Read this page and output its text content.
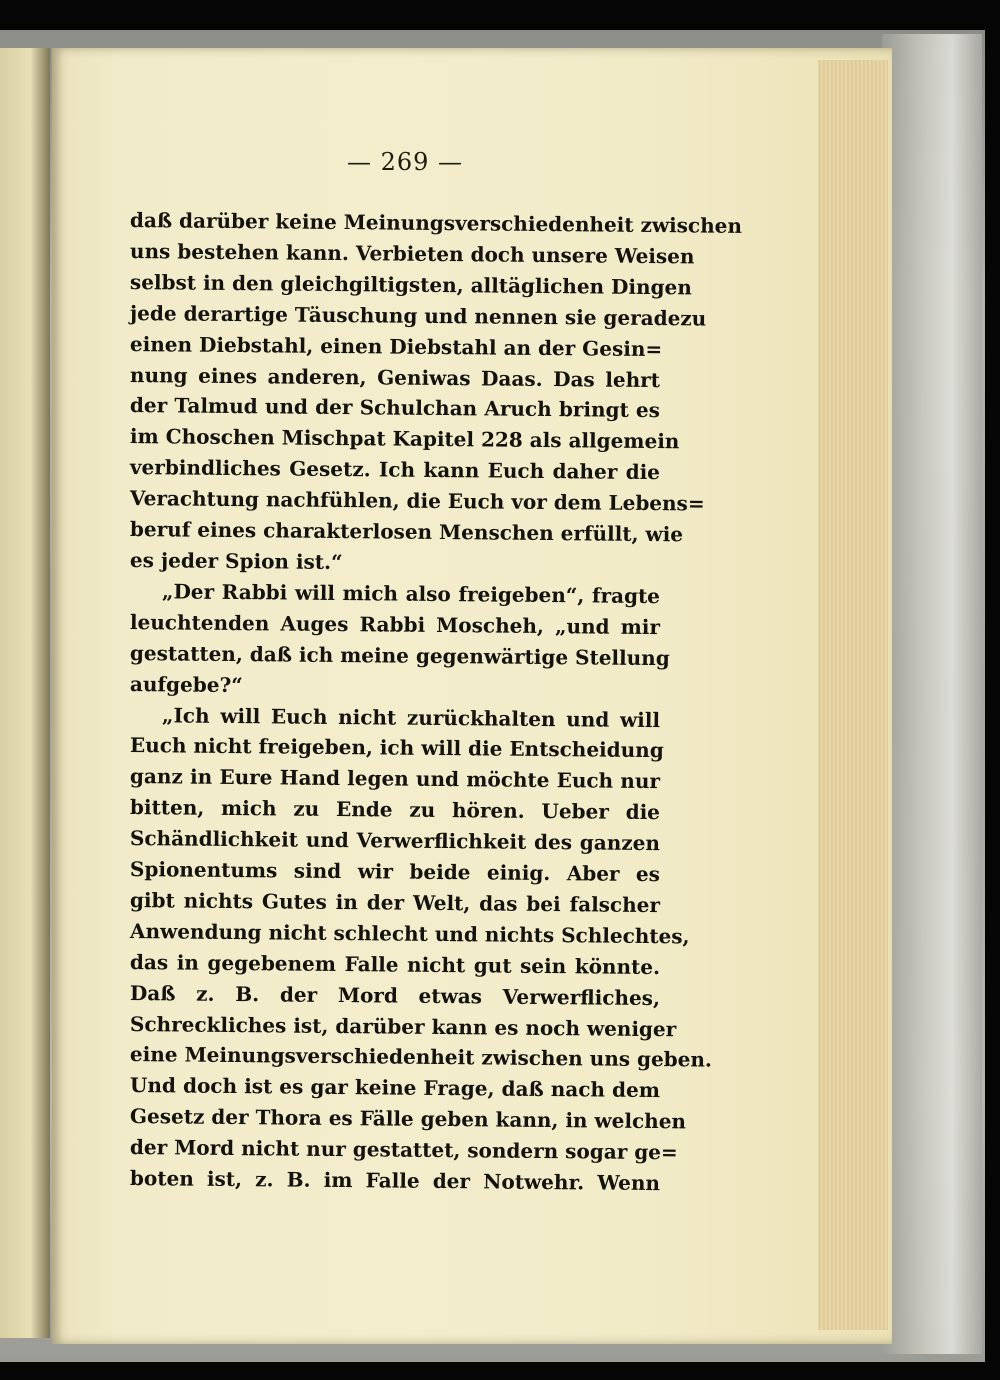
— 269 —
daß darüber keine Meinungsverschiedenheit zwischen
uns bestehen kann. Verbieten doch unsere Weisen
selbst in den gleichgiltigsten, alltäglichen Dingen
jede derartige Täuschung und nennen sie geradezu
einen Diebstahl, einen Diebstahl an der Gesin=
nung eines anderen, Geniwas Daas. Das lehrt
der Talmud und der Schulchan Aruch bringt es
im Choschen Mischpat Kapitel 228 als allgemein
verbindliches Gesetz. Ich kann Euch daher die
Verachtung nachfühlen, die Euch vor dem Lebens=
beruf eines charakterlosen Menschen erfüllt, wie
es jeder Spion ist.“
„Der Rabbi will mich also freigeben“, fragte
leuchtenden Auges Rabbi Moscheh, „und mir
gestatten, daß ich meine gegenwärtige Stellung
aufgebe?“
„Ich will Euch nicht zurückhalten und will
Euch nicht freigeben, ich will die Entscheidung
ganz in Eure Hand legen und möchte Euch nur
bitten, mich zu Ende zu hören. Ueber die
Schändlichkeit und Verwerflichkeit des ganzen
Spionentums sind wir beide einig. Aber es
gibt nichts Gutes in der Welt, das bei falscher
Anwendung nicht schlecht und nichts Schlechtes,
das in gegebenem Falle nicht gut sein könnte.
Daß z. B. der Mord etwas Verwerfliches,
Schreckliches ist, darüber kann es noch weniger
eine Meinungsverschiedenheit zwischen uns geben.
Und doch ist es gar keine Frage, daß nach dem
Gesetz der Thora es Fälle geben kann, in welchen
der Mord nicht nur gestattet, sondern sogar ge=
boten ist, z. B. im Falle der Notwehr. Wenn
